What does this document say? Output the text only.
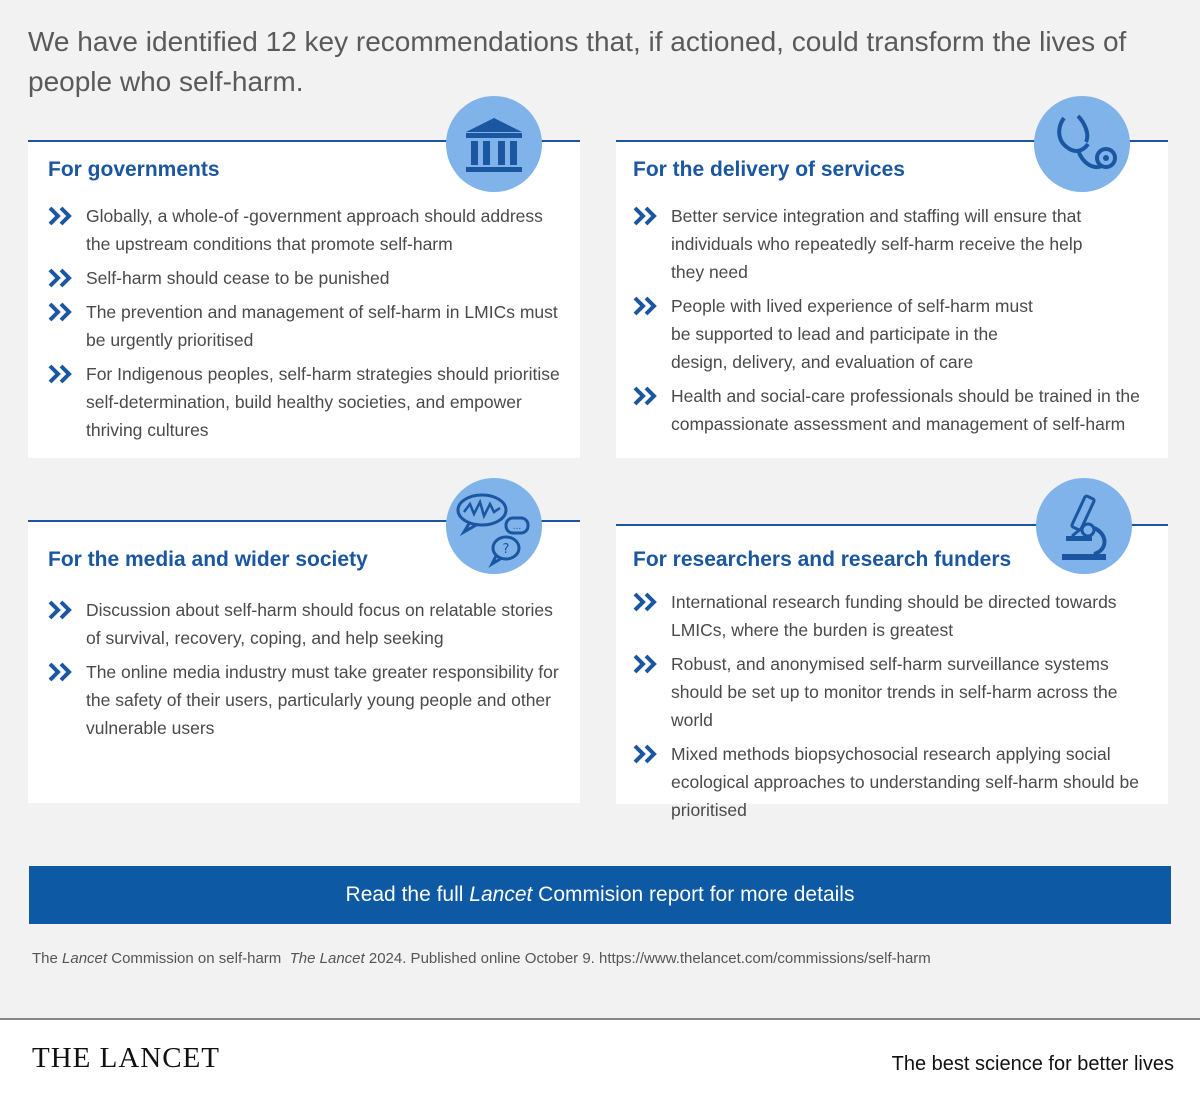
We have identified 12 key recommendations that, if actioned, could transform the lives of people who self-harm.
For governments
Globally, a whole-of -government approach should address the upstream conditions that promote self-harm
Self-harm should cease to be punished
The prevention and management of self-harm in LMICs must be urgently prioritised
For Indigenous peoples, self-harm strategies should prioritise self-determination, build healthy societies, and empower thriving cultures
For the delivery of services
Better service integration and staffing will ensure that individuals who repeatedly self-harm receive the help they need
People with lived experience of self-harm must be supported to lead and participate in the design, delivery, and evaluation of care
Health and social-care professionals should be trained in the compassionate assessment and management of self-harm
For the media and wider society
Discussion about self-harm should focus on relatable stories of survival, recovery, coping, and help seeking
The online media industry must take greater responsibility for the safety of their users, particularly young people and other vulnerable users
...
?	For researchers and research funders
International research funding should be directed towards LMICs, where the burden is greatest
Robust, and anonymised self-harm surveillance systems should be set up to monitor trends in self-harm across the world
Mixed methods biopsychosocial research applying social ecological approaches to understanding self-harm should be prioritised
Read the full Lancet Commision report for more details
The Lancet Commission on self-harm  The Lancet 2024. Published online October 9. https://www.thelancet.com/commissions/self-harm
THE LANCET	The best science for better lives
